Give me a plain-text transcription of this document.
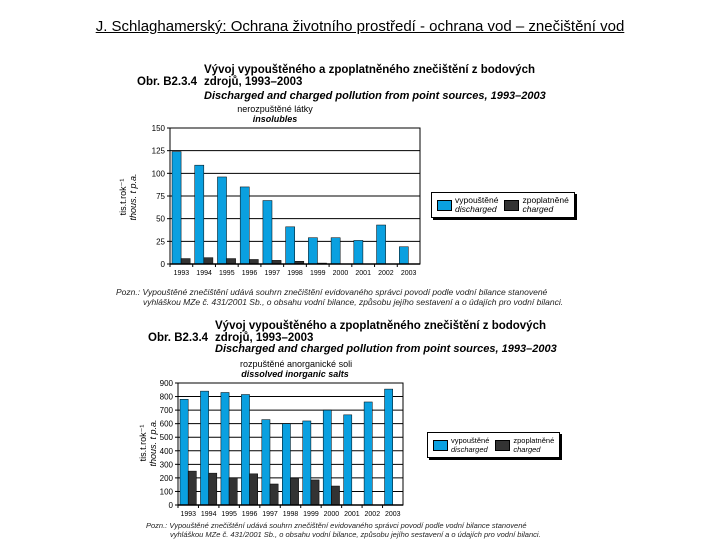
J. Schlaghamerský: Ochrana životního prostředí - ochrana vod – znečištění vod
Obr. B2.3.4Vývoj vypouštěného a zpoplatněného znečištění z bodových zdrojů, 1993–2003
Discharged and charged pollution from point sources, 1993–2003
nerozpuštěné látky
insolubles
tis.t.rok⁻¹ thous. t p.a.
0
25
50
75
100
125
150
1993 1994 1995 1996 1997 1998 1999 2000 2001 2002 2003
vypouštěné
discharged
zpoplatněné
charged
Pozn.: Vypouštěné znečištění udává souhrn znečištění evidovaného správci povodí podle vodní bilance stanovené
vyhláškou MZe č. 431/2001 Sb., o obsahu vodní bilance, způsobu jejího sestavení a o údajích pro vodní bilanci.
Obr. B2.3.4Vývoj vypouštěného a zpoplatněného znečištění z bodových zdrojů, 1993–2003
Discharged and charged pollution from point sources, 1993–2003
rozpuštěné anorganické soli
dissolved inorganic salts
tis.t.rok⁻¹ thous. t p.a.
0
100
200
300
400
500
600
700
800
900
1993 1994 1995 1996 1997 1998 1999 2000 2001 2002 2003
vypouštěné
discharged
zpoplatněné
charged
Pozn.: Vypouštěné znečištění udává souhrn znečištění evidovaného správci povodí podle vodní bilance stanovené
vyhláškou MZe č. 431/2001 Sb., o obsahu vodní bilance, způsobu jejího sestavení a o údajích pro vodní bilanci.
